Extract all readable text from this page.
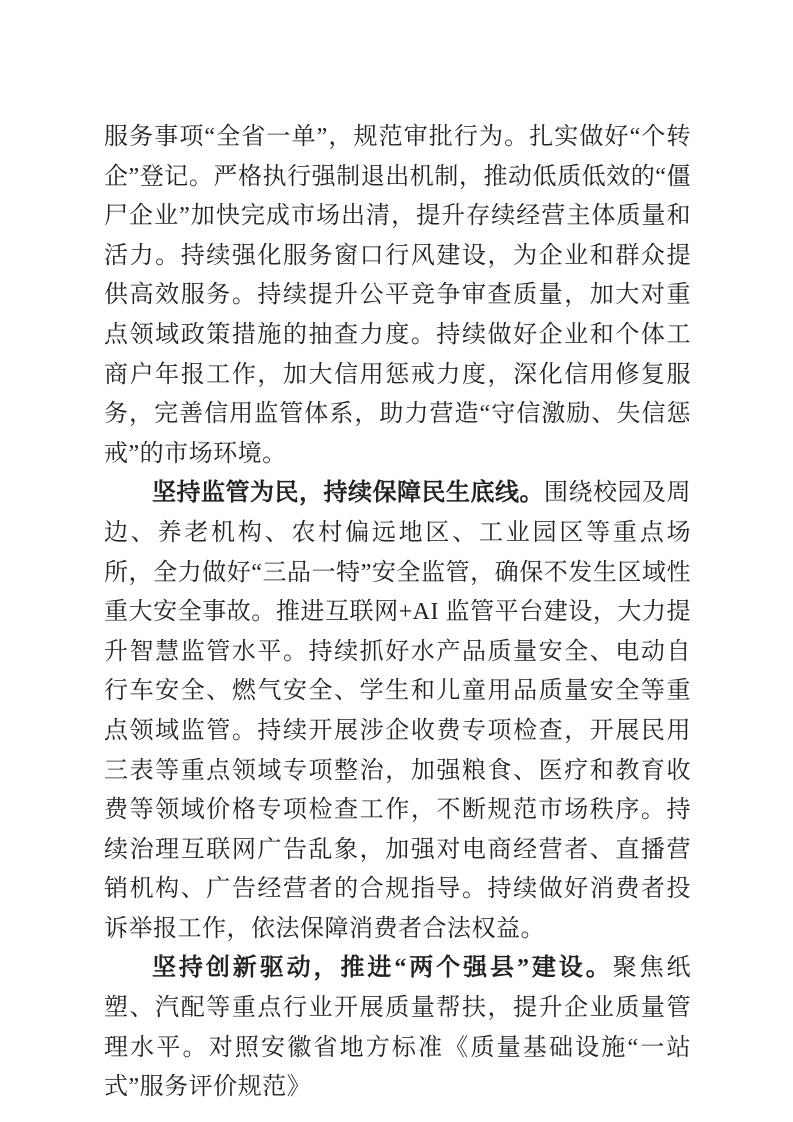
服务事项“全省一单”，规范审批行为。扎实做好“个转企”登记。严格执行强制退出机制，推动低质低效的“僵尸企业”加快完成市场出清，提升存续经营主体质量和活力。持续强化服务窗口行风建设，为企业和群众提供高效服务。持续提升公平竞争审查质量，加大对重点领域政策措施的抽查力度。持续做好企业和个体工商户年报工作，加大信用惩戒力度，深化信用修复服务，完善信用监管体系，助力营造“守信激励、失信惩戒”的市场环境。

坚持监管为民，持续保障民生底线。围绕校园及周边、养老机构、农村偏远地区、工业园区等重点场所，全力做好“三品一特”安全监管，确保不发生区域性重大安全事故。推进互联网+AI 监管平台建设，大力提升智慧监管水平。持续抓好水产品质量安全、电动自行车安全、燃气安全、学生和儿童用品质量安全等重点领域监管。持续开展涉企收费专项检查，开展民用三表等重点领域专项整治，加强粮食、医疗和教育收费等领域价格专项检查工作，不断规范市场秩序。持续治理互联网广告乱象，加强对电商经营者、直播营销机构、广告经营者的合规指导。持续做好消费者投诉举报工作，依法保障消费者合法权益。

坚持创新驱动，推进“两个强县”建设。聚焦纸塑、汽配等重点行业开展质量帮扶，提升企业质量管理水平。对照安徽省地方标准《质量基础设施“一站式”服务评价规范》
